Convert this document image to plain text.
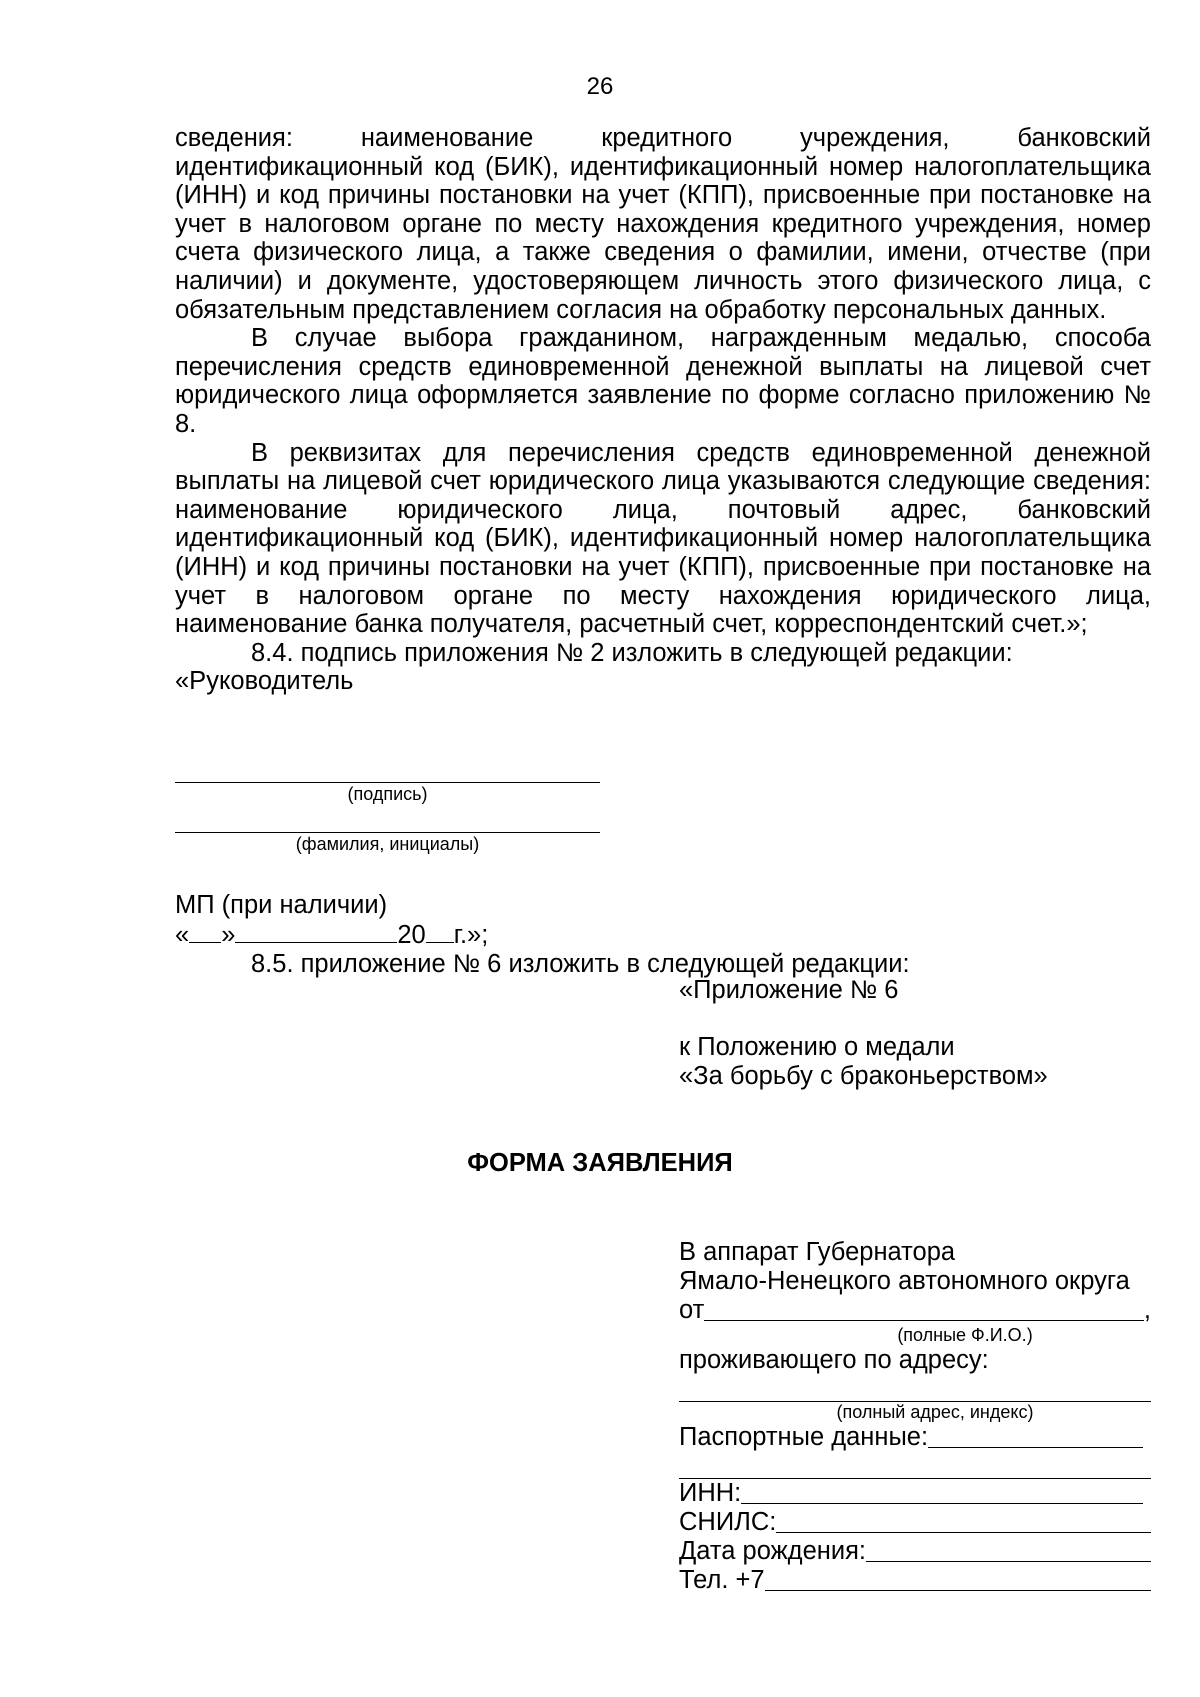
26

сведения: наименование кредитного учреждения, банковский идентификационный код (БИК), идентификационный номер налогоплательщика (ИНН) и код причины постановки на учет (КПП), присвоенные при постановке на учет в налоговом органе по месту нахождения кредитного учреждения, номер счета физического лица, а также сведения о фамилии, имени, отчестве (при наличии) и документе, удостоверяющем личность этого физического лица, с обязательным представлением согласия на обработку персональных данных.

В случае выбора гражданином, награжденным медалью, способа перечисления средств единовременной денежной выплаты на лицевой счет юридического лица оформляется заявление по форме согласно приложению № 8.

В реквизитах для перечисления средств единовременной денежной выплаты на лицевой счет юридического лица указываются следующие сведения: наименование юридического лица, почтовый адрес, банковский идентификационный код (БИК), идентификационный номер налогоплательщика (ИНН) и код причины постановки на учет (КПП), присвоенные при постановке на учет в налоговом органе по месту нахождения юридического лица, наименование банка получателя, расчетный счет, корреспондентский счет.»;

8.4. подпись приложения № 2 изложить в следующей редакции:

«Руководитель

(подпись)
(фамилия, инициалы)
МП (при наличии)
« »	20 г.»;
8.5. приложение № 6 изложить в следующей редакции:
«Приложение № 6
к Положению о медали
«За борьбу с браконьерством»
ФОРМА ЗАЯВЛЕНИЯ
В аппарат Губернатора
Ямало-Ненецкого автономного округа
от	,
(полные Ф.И.О.)
проживающего по адресу:
(полный адрес, индекс)
Паспортные данные:
ИНН:
СНИЛС:
Дата рождения:
Тел. +7
